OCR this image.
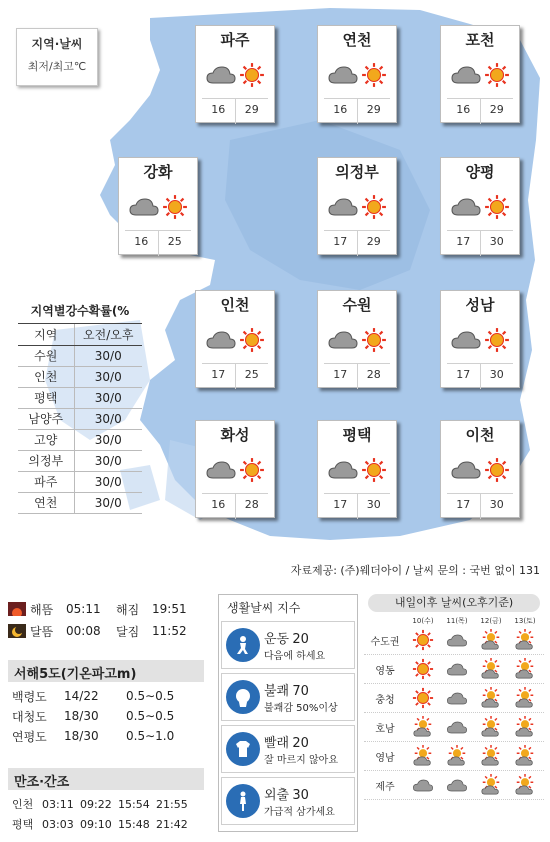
지역·날씨
최저/최고℃
파주
16	29
연천
16	29
포천
16	29
강화
16	25
의정부
17	29
양평
17	30
인천
17	25
수원
17	28
성남
17	30
화성
16	28
평택
17	30
이천
17	30
지역별강수확률(%
지역	오전/오후
수원	30/0
인천	30/0
평택	30/0
남양주	30/0
고양	30/0
의정부	30/0
파주	30/0
연천	30/0
자료제공: (주)웨더아이 / 날씨 문의 : 국번 없이 131
해뜸	05:11	해짐	19:51
달뜸	00:08	달짐	11:52
서해5도(기온파고m)
백령도	14/22	0.5∼0.5
대청도	18/30	0.5∼0.5
연평도	18/30	0.5∼1.0
만조·간조
인천 03:11 09:22 15:54 21:55
평택 03:03 09:10 15:48 21:42
생활날씨 지수
운동 20
다음에 하세요
불쾌 70
불쾌감 50%이상
빨래 20
잘 마르지 않아요
외출 30
가급적 삼가세요
내일이후 날씨(오후기준)
10(수)	11(목)	12(금)	13(토)
수도권
영동
충청
호남
영남
제주
